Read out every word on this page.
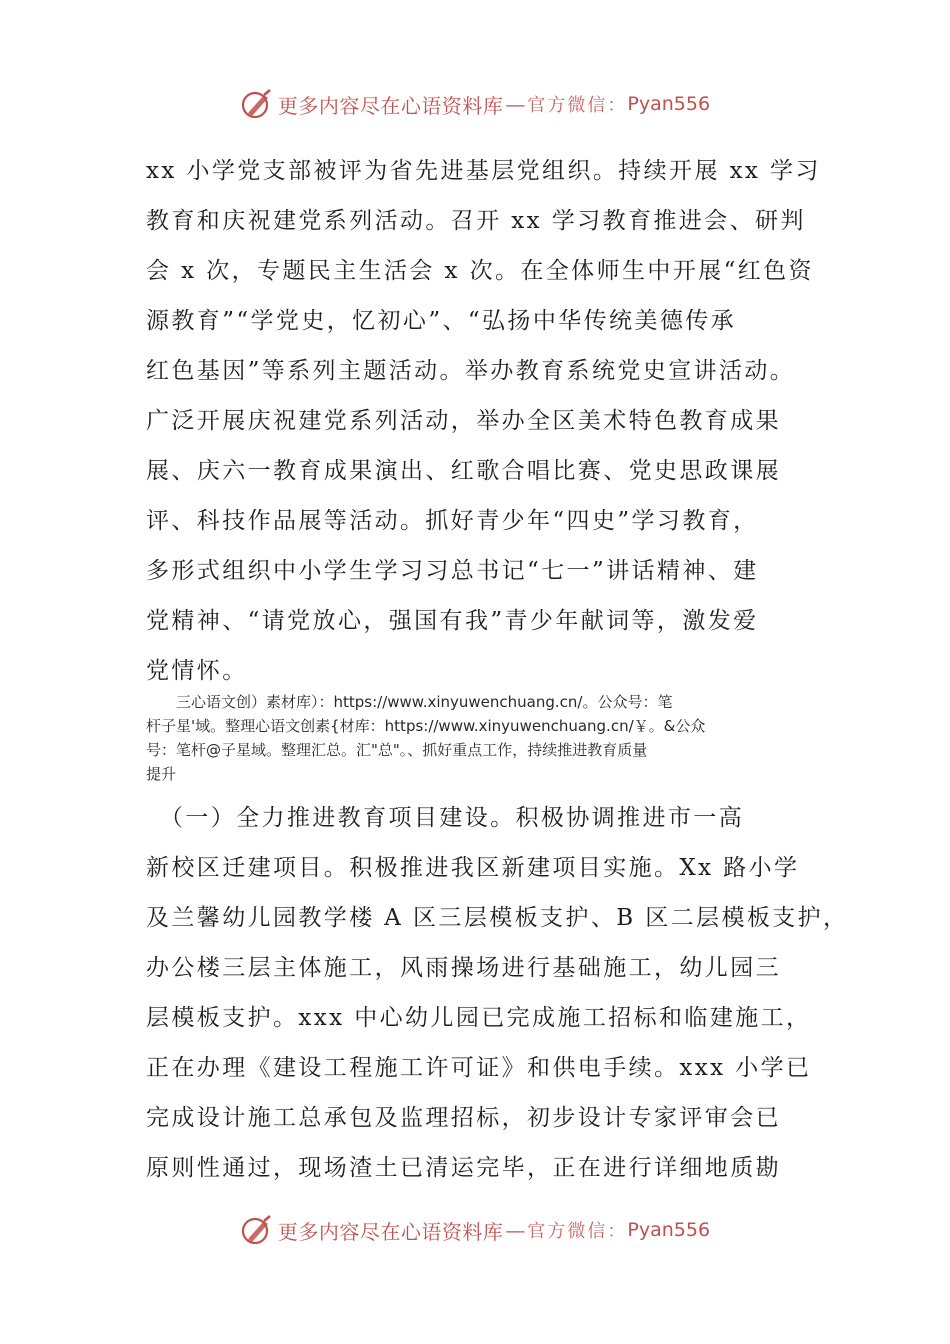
更多内容尽在心语资料库 — 官方微信： Pyan556
xx 小学党支部被评为省先进基层党组织。持续开展 xx 学习
教育和庆祝建党系列活动。召开 xx 学习教育推进会、研判
会 x 次，专题民主生活会 x 次。在全体师生中开展“红色资
源教育”“学党史，忆初心”、“弘扬中华传统美德传承
红色基因”等系列主题活动。举办教育系统党史宣讲活动。
广泛开展庆祝建党系列活动，举办全区美术特色教育成果
展、庆六一教育成果演出、红歌合唱比赛、党史思政课展
评、科技作品展等活动。抓好青少年“四史”学习教育，
多形式组织中小学生学习习总书记“七一”讲话精神、建
党精神、“请党放心，强国有我”青少年献词等，激发爱
党情怀。
　　三心语文创）素材库）：https://www.xinyuwenchuang.cn/。公众号：笔
杆子星'域。整理心语文创素{材库：https://www.xinyuwenchuang.cn/￥。&公众
号：笔杆@子星域。整理汇总。汇"总"。、抓好重点工作，持续推进教育质量
提升
　（一）全力推进教育项目建设。积极协调推进市一高
新校区迁建项目。积极推进我区新建项目实施。Xx 路小学
及兰馨幼儿园教学楼 A 区三层模板支护、B 区二层模板支护，
办公楼三层主体施工，风雨操场进行基础施工，幼儿园三
层模板支护。xxx 中心幼儿园已完成施工招标和临建施工，
正在办理《建设工程施工许可证》和供电手续。xxx 小学已
完成设计施工总承包及监理招标，初步设计专家评审会已
原则性通过，现场渣土已清运完毕，正在进行详细地质勘
更多内容尽在心语资料库 — 官方微信： Pyan556
